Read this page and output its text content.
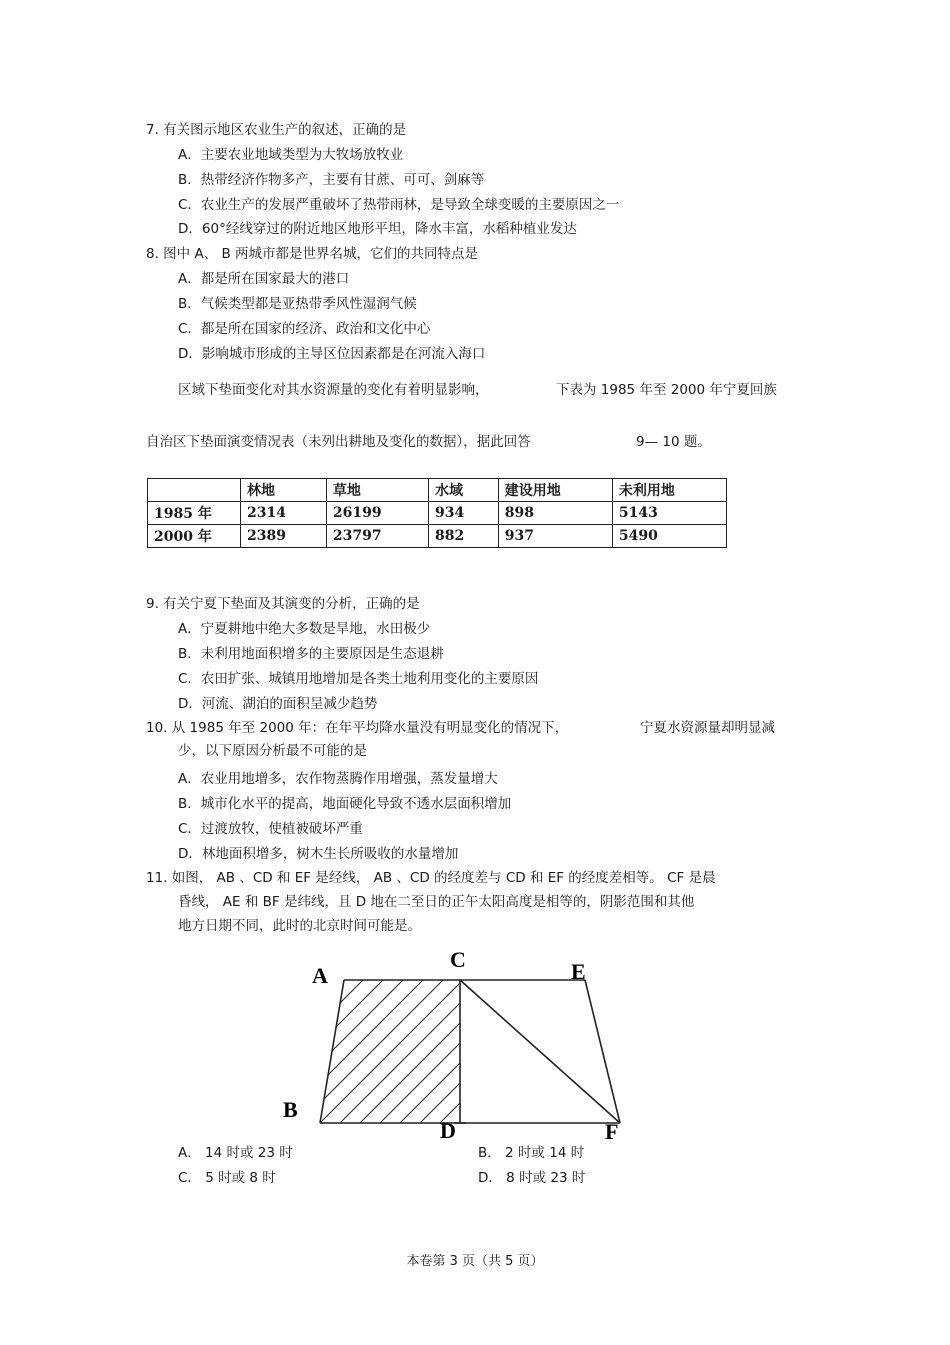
7. 有关图示地区农业生产的叙述，正确的是
A．主要农业地域类型为大牧场放牧业
B．热带经济作物多产，主要有甘蔗、可可、剑麻等
C．农业生产的发展严重破坏了热带雨林，是导致全球变暖的主要原因之一
D．60°经线穿过的附近地区地形平坦，降水丰富，水稻种植业发达
8. 图中 A、 B 两城市都是世界名城，它们的共同特点是
A．都是所在国家最大的港口
B．气候类型都是亚热带季风性湿润气候
C．都是所在国家的经济、政治和文化中心
D．影响城市形成的主导区位因素都是在河流入海口
区域下垫面变化对其水资源量的变化有着明显影响，	下表为 1985 年至 2000 年宁夏回族
自治区下垫面演变情况表（未列出耕地及变化的数据），据此回答	9— 10 题。
	林地	草地	水域	建设用地	未利用地
1985 年	2314	26199	934	898	5143
2000 年	2389	23797	882	937	5490
9. 有关宁夏下垫面及其演变的分析，正确的是
A．宁夏耕地中绝大多数是旱地，水田极少
B．未利用地面积增多的主要原因是生态退耕
C．农田扩张、城镇用地增加是各类土地利用变化的主要原因
D．河流、湖泊的面积呈减少趋势
10. 从 1985 年至 2000 年：在年平均降水量没有明显变化的情况下，	宁夏水资源量却明显减
少，以下原因分析最不可能的是
A．农业用地增多，农作物蒸腾作用增强，蒸发量增大
B．城市化水平的提高，地面硬化导致不透水层面积增加
C．过渡放牧，使植被破坏严重
D．林地面积增多，树木生长所吸收的水量增加
11. 如图， AB 、CD 和 EF 是经线， AB 、CD 的经度差与 CD 和 EF 的经度差相等。 CF 是晨
昏线， AE 和 BF 是纬线，且 D 地在二至日的正午太阳高度是相等的，阴影范围和其他
地方日期不同，此时的北京时间可能是。
A
B
C
D
E
F
A． 14 时或 23 时	B． 2 时或 14 时
C． 5 时或 8 时	D． 8 时或 23 时
本卷第 3 页（共 5 页）
